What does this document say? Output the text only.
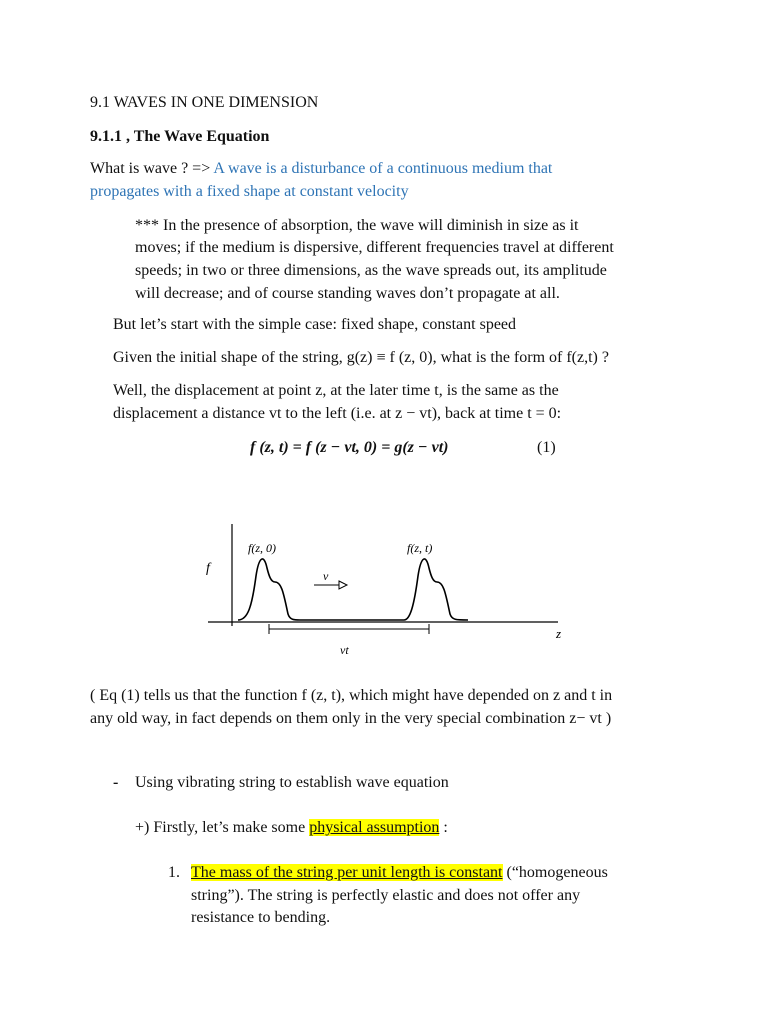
9.1 WAVES IN ONE DIMENSION
9.1.1 , The Wave Equation
What is wave ? => A wave is a disturbance of a continuous medium that
propagates with a fixed shape at constant velocity
*** In the presence of absorption, the wave will diminish in size as it
moves; if the medium is dispersive, different frequencies travel at different
speeds; in two or three dimensions, as the wave spreads out, its amplitude
will decrease; and of course standing waves don’t propagate at all.
But let’s start with the simple case: fixed shape, constant speed
Given the initial shape of the string, g(z) ≡ f (z, 0), what is the form of f(z,t) ?
Well, the displacement at point z, at the later time t, is the same as the
displacement a distance vt to the left (i.e. at z − vt), back at time t = 0:
f (z, t) = f (z − vt, 0) = g(z − vt)	(1)
f
z
f(z, 0)	f(z, t)
v
vt
( Eq (1) tells us that the function f (z, t), which might have depended on z and t in
any old way, in fact depends on them only in the very special combination z− vt )
- Using vibrating string to establish wave equation
+) Firstly, let’s make some physical assumption :
1. The mass of the string per unit length is constant (“homogeneous
string”). The string is perfectly elastic and does not offer any
resistance to bending.
